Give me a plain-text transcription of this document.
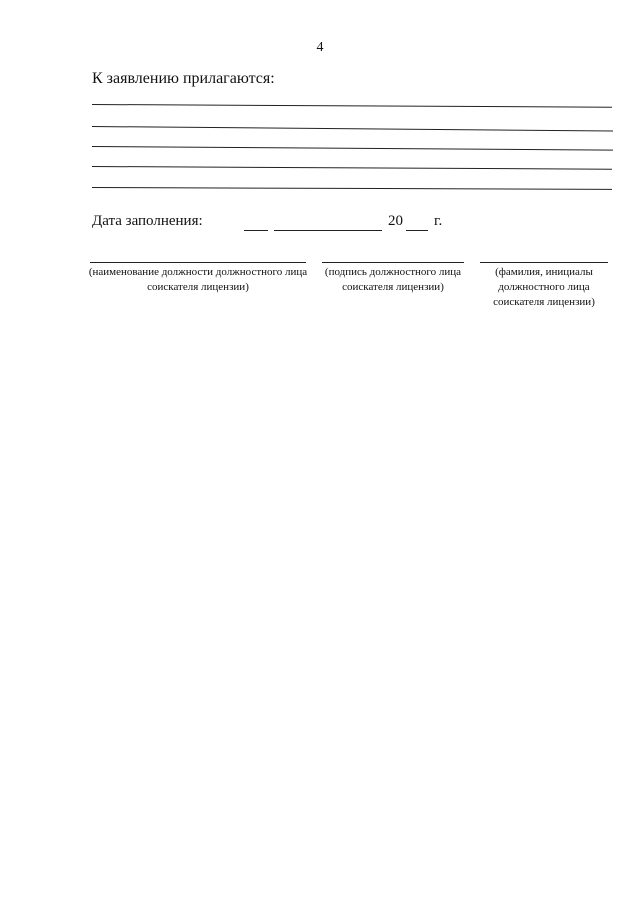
4
К заявлению прилагаются:
Дата заполнения:	20 г.
(наименование должности должностного лица соискателя лицензии)
(подпись должностного лица соискателя лицензии)
(фамилия, инициалы должностного лица соискателя лицензии)
